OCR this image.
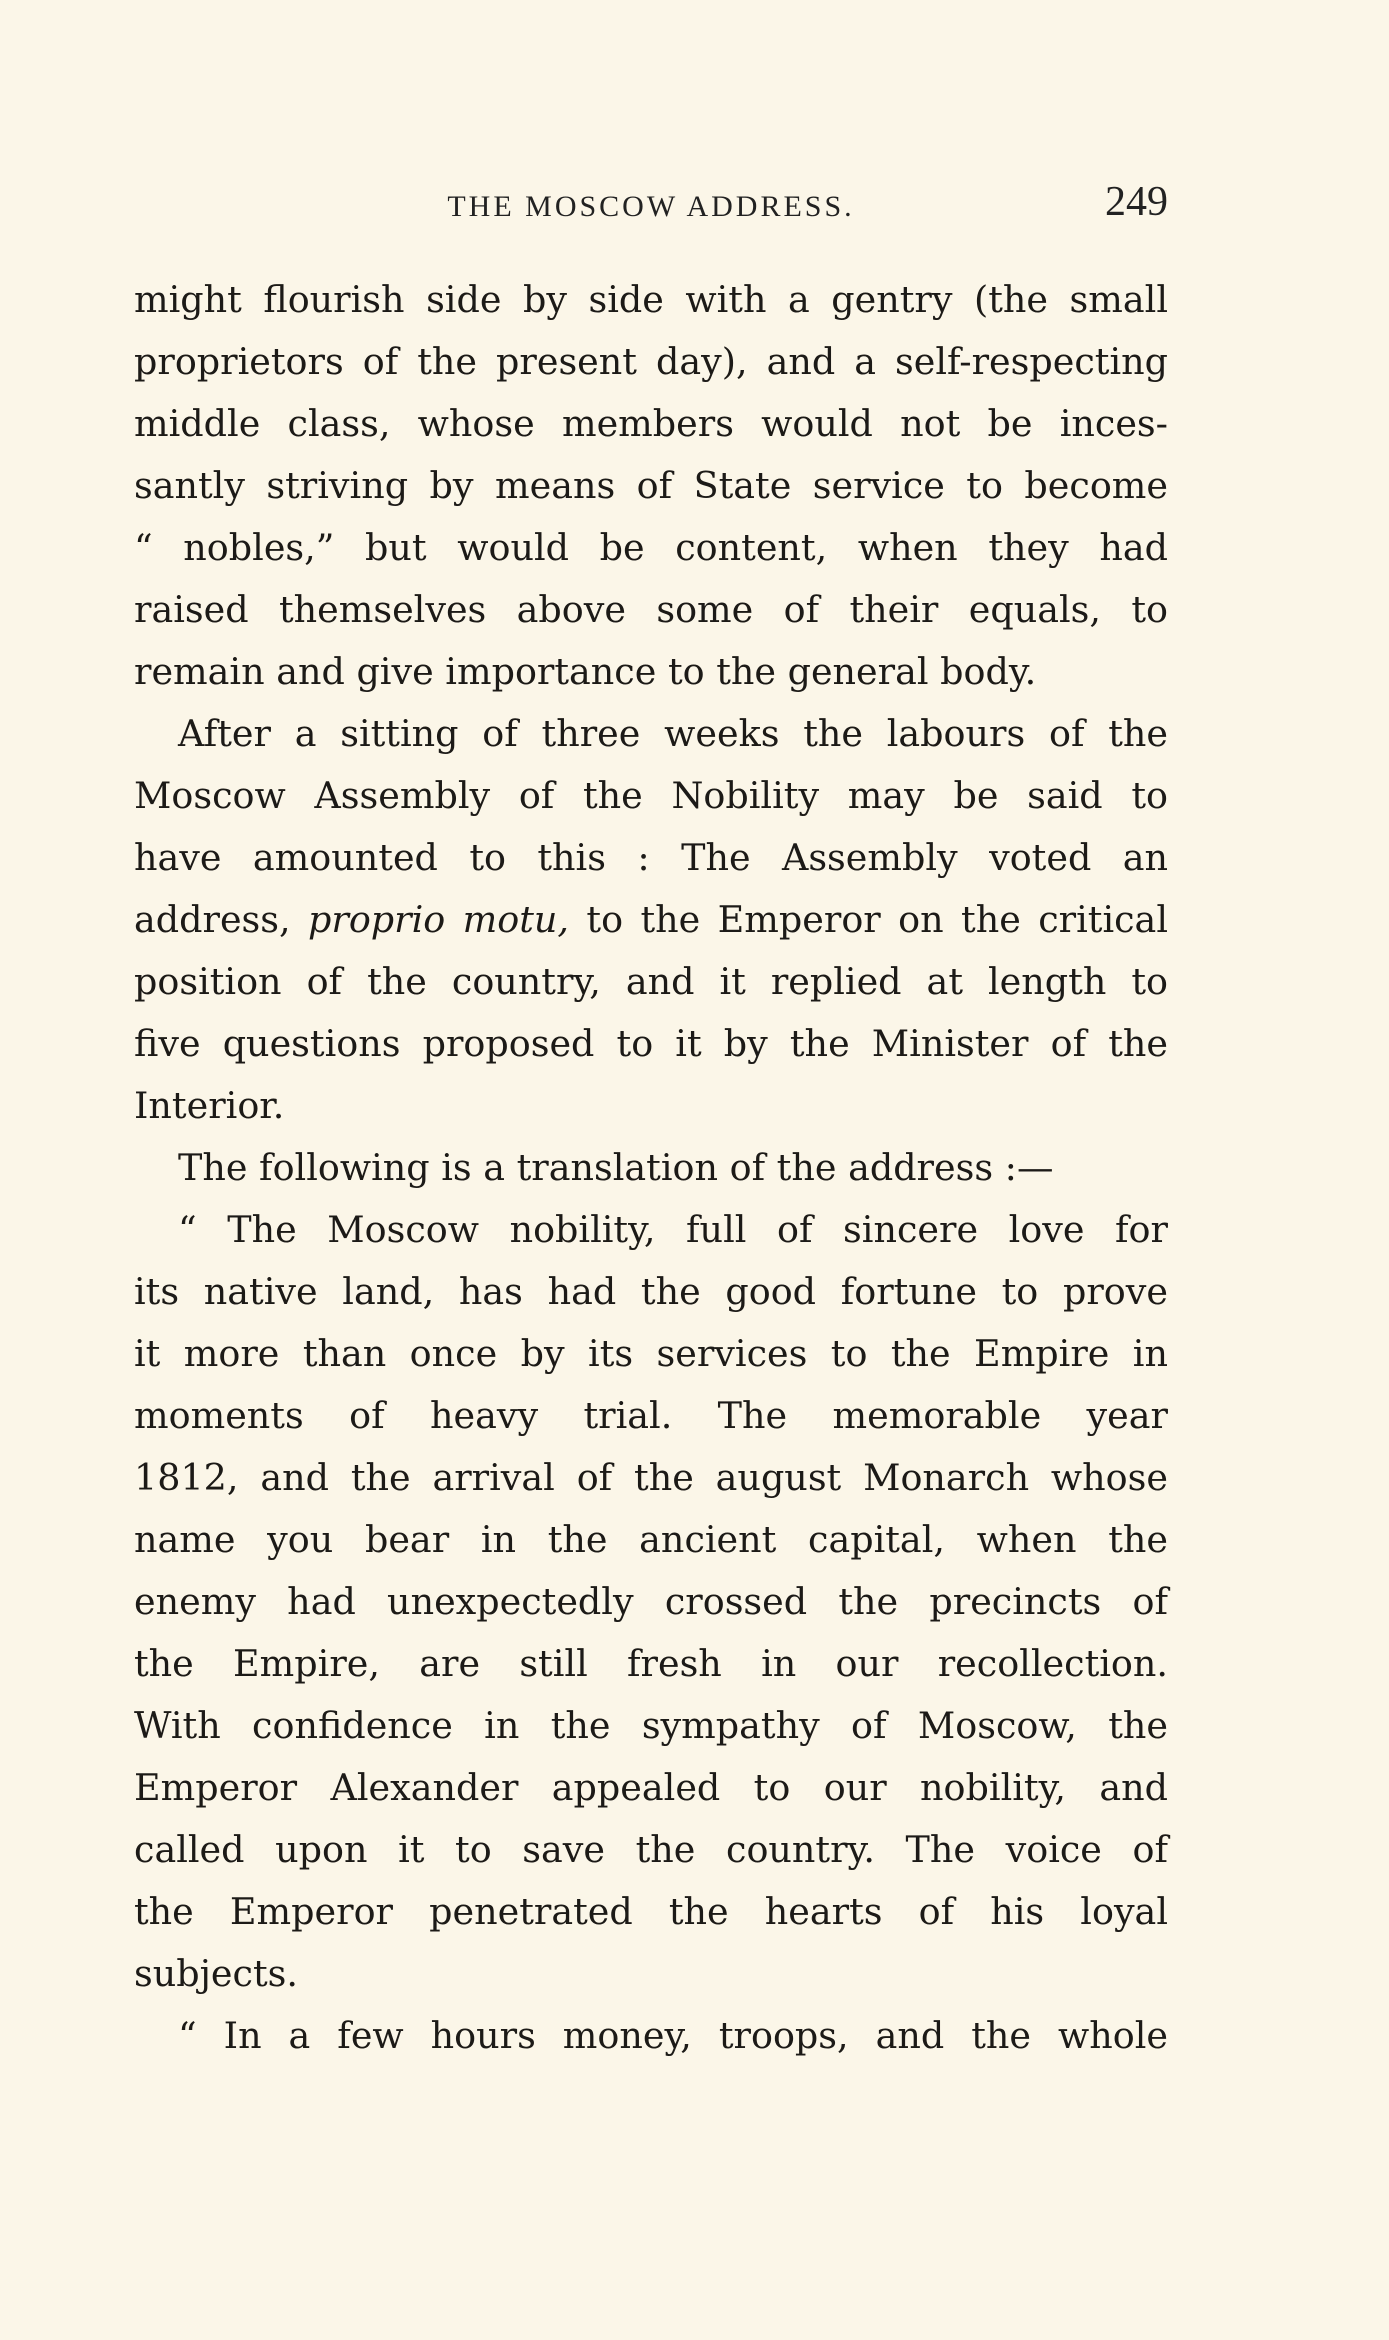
THE MOSCOW ADDRESS.	249
might flourish side by side with a gentry (the small
proprietors of the present day), and a self-respecting
middle class, whose members would not be inces-
santly striving by means of State service to become
“ nobles,” but would be content, when they had
raised themselves above some of their equals, to
remain and give importance to the general body.
After a sitting of three weeks the labours of the
Moscow Assembly of the Nobility may be said to
have amounted to this : The Assembly voted an
address, proprio motu, to the Emperor on the critical
position of the country, and it replied at length to
five questions proposed to it by the Minister of the
Interior.
The following is a translation of the address :—
“ The Moscow nobility, full of sincere love for
its native land, has had the good fortune to prove
it more than once by its services to the Empire in
moments of heavy trial. The memorable year
1812, and the arrival of the august Monarch whose
name you bear in the ancient capital, when the
enemy had unexpectedly crossed the precincts of
the Empire, are still fresh in our recollection.
With confidence in the sympathy of Moscow, the
Emperor Alexander appealed to our nobility, and
called upon it to save the country. The voice of
the Emperor penetrated the hearts of his loyal
subjects.
“ In a few hours money, troops, and the whole
